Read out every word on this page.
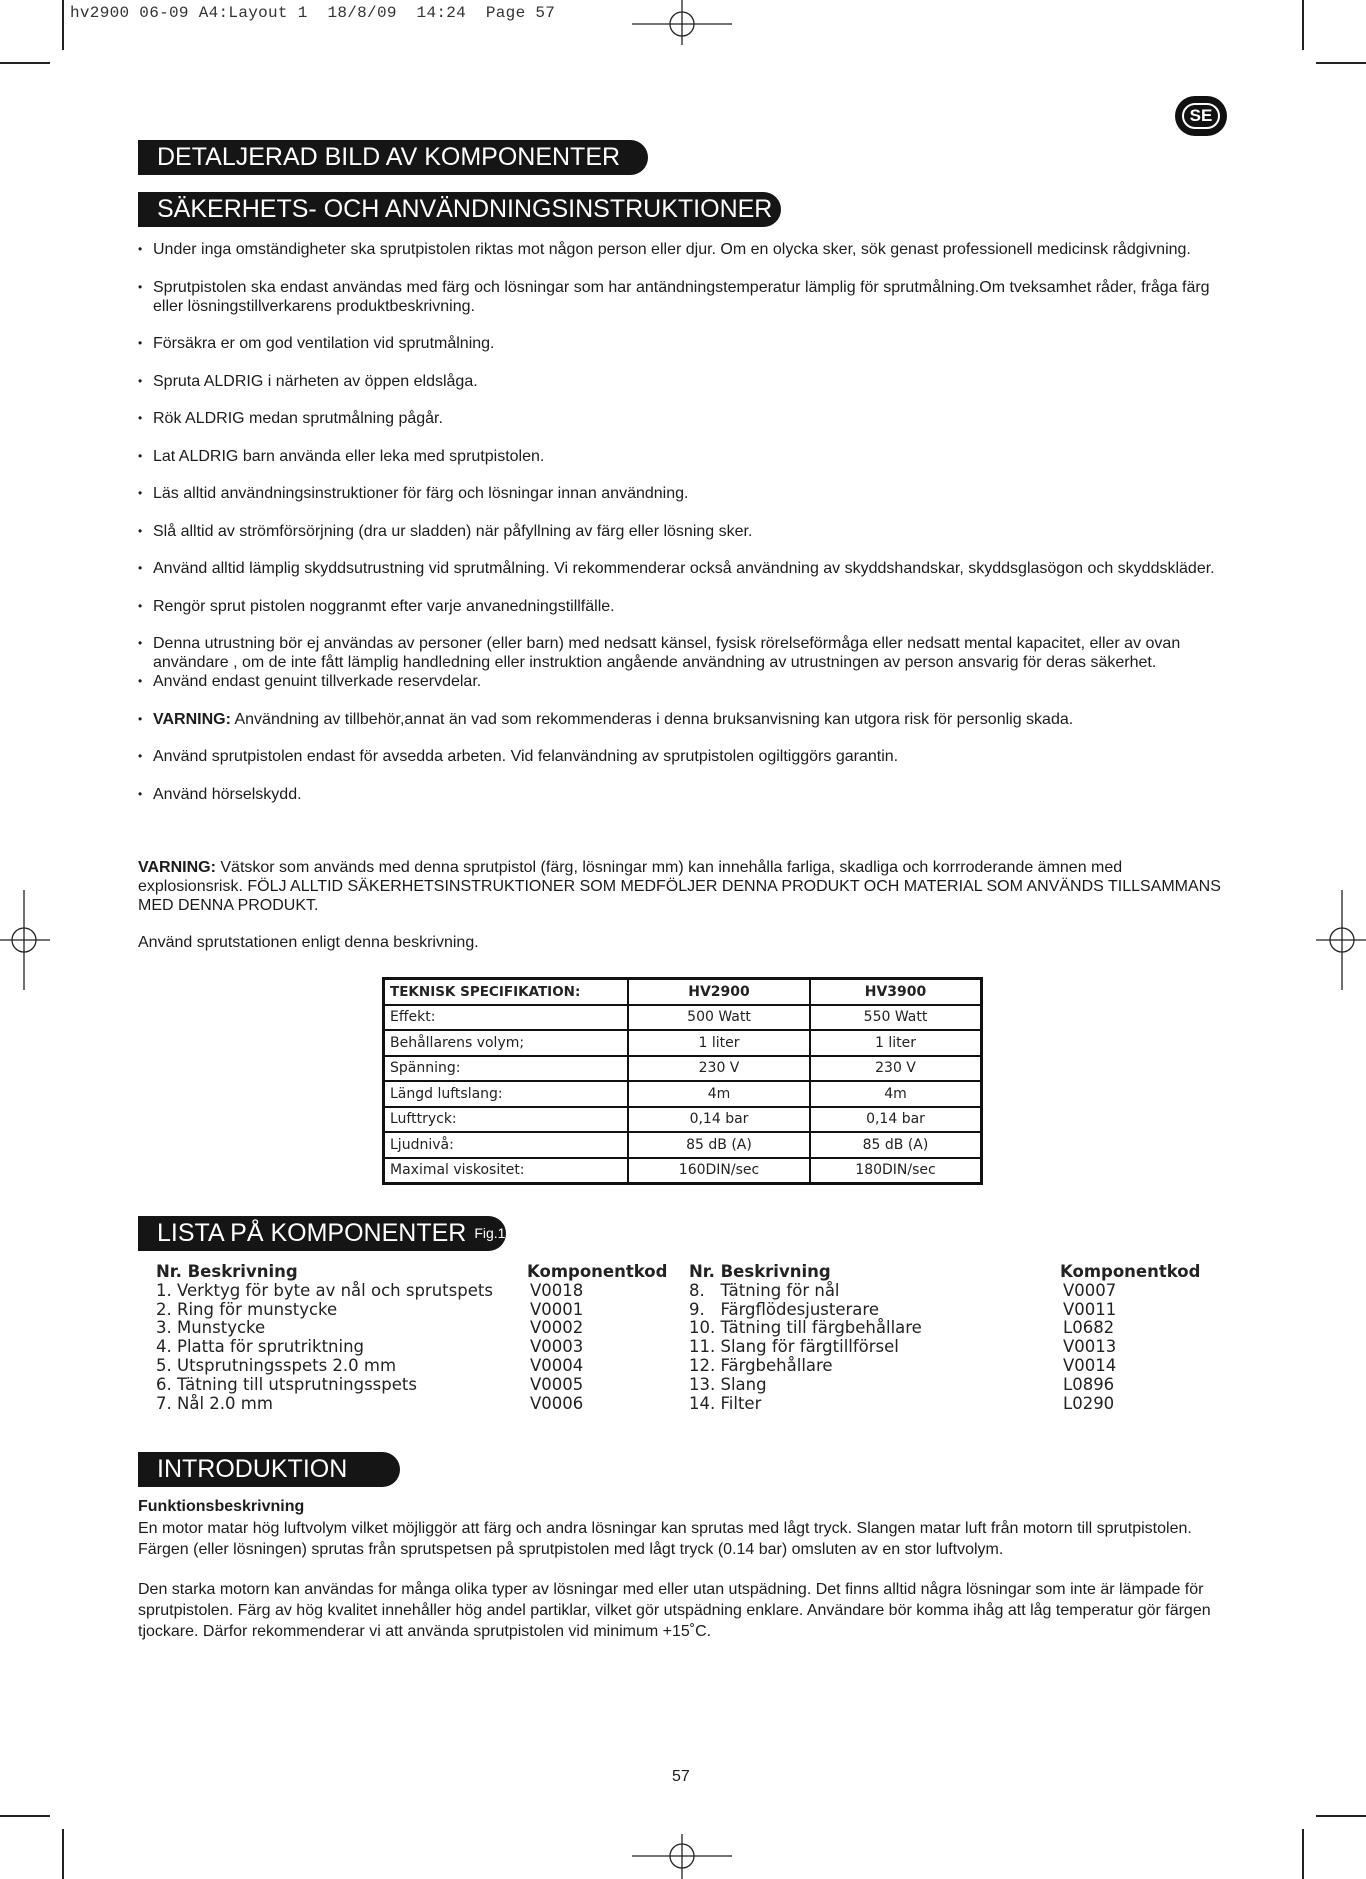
hv2900 06-09 A4:Layout 1  18/8/09  14:24  Page 57
SE
DETALJERAD BILD AV KOMPONENTER
SÄKERHETS- OCH ANVÄNDNINGSINSTRUKTIONER
• Under inga omständigheter ska sprutpistolen riktas mot någon person eller djur. Om en olycka sker, sök genast professionell medicinsk rådgivning.
• Sprutpistolen ska endast användas med färg och lösningar som har antändningstemperatur lämplig för sprutmålning.Om tveksamhet råder, fråga färg eller lösningstillverkarens produktbeskrivning.
• Försäkra er om god ventilation vid sprutmålning.
• Spruta ALDRIG i närheten av öppen eldslåga.
• Rök ALDRIG medan sprutmålning pågår.
• Lat ALDRIG barn använda eller leka med sprutpistolen.
• Läs alltid användningsinstruktioner för färg och lösningar innan användning.
• Slå alltid av strömförsörjning (dra ur sladden) när påfyllning av färg eller lösning sker.
• Använd alltid lämplig skyddsutrustning vid sprutmålning. Vi rekommenderar också användning av skyddshandskar, skyddsglasögon och skyddskläder.
• Rengör sprut pistolen noggranmt efter varje anvanedningstillfälle.
• Denna utrustning bör ej användas av personer (eller barn) med nedsatt känsel, fysisk rörelseförmåga eller nedsatt mental kapacitet, eller av ovan användare , om de inte fått lämplig handledning eller instruktion angående användning av utrustningen av person ansvarig för deras säkerhet.
• Använd endast genuint tillverkade reservdelar.
• VARNING: Användning av tillbehör,annat än vad som rekommenderas i denna bruksanvisning kan utgora risk för personlig skada.
• Använd sprutpistolen endast för avsedda arbeten. Vid felanvändning av sprutpistolen ogiltiggörs garantin.
• Använd hörselskydd.
VARNING: Vätskor som används med denna sprutpistol (färg, lösningar mm) kan innehålla farliga, skadliga och korrroderande ämnen med explosionsrisk. FÖLJ ALLTID SÄKERHETSINSTRUKTIONER SOM MEDFÖLJER DENNA PRODUKT OCH MATERIAL SOM ANVÄNDS TILLSAMMANS MED DENNA PRODUKT.
Använd sprutstationen enligt denna beskrivning.
TEKNISK SPECIFIKATION:	HV2900	HV3900
Effekt:	500 Watt	550 Watt
Behållarens volym;	1 liter	1 liter
Spänning:	230 V	230 V
Längd luftslang:	4m	4m
Lufttryck:	0,14 bar	0,14 bar
Ljudnivå:	85 dB (A)	85 dB (A)
Maximal viskositet:	160DIN/sec	180DIN/sec
LISTA PÅ KOMPONENTER Fig.1
Nr. Beskrivning	Komponentkod
1. Verktyg för byte av nål och sprutspets V0018
2. Ring för munstycke	V0001
3. Munstycke	V0002
4. Platta för sprutriktning	V0003
5. Utsprutningsspets 2.0 mm	V0004
6. Tätning till utsprutningsspets	V0005
7. Nål 2.0 mm	V0006
Nr. Beskrivning	Komponentkod
8.   Tätning för nål	V0007
9.   Färgflödesjusterare	V0011
10. Tätning till färgbehållare	L0682
11. Slang för färgtillförsel	V0013
12. Färgbehållare	V0014
13. Slang	L0896
14. Filter	L0290
INTRODUKTION
Funktionsbeskrivning
En motor matar hög luftvolym vilket möjliggör att färg och andra lösningar kan sprutas med lågt tryck. Slangen matar luft från motorn till sprutpistolen. Färgen (eller lösningen) sprutas från sprutspetsen på sprutpistolen med lågt tryck (0.14 bar) omsluten av en stor luftvolym.
Den starka motorn kan användas for många olika typer av lösningar med eller utan utspädning. Det finns alltid några lösningar som inte är lämpade för sprutpistolen. Färg av hög kvalitet innehåller hög andel partiklar, vilket gör utspädning enklare. Användare bör komma ihåg att låg temperatur gör färgen tjockare. Därfor rekommenderar vi att använda sprutpistolen vid minimum +15˚C.
57
